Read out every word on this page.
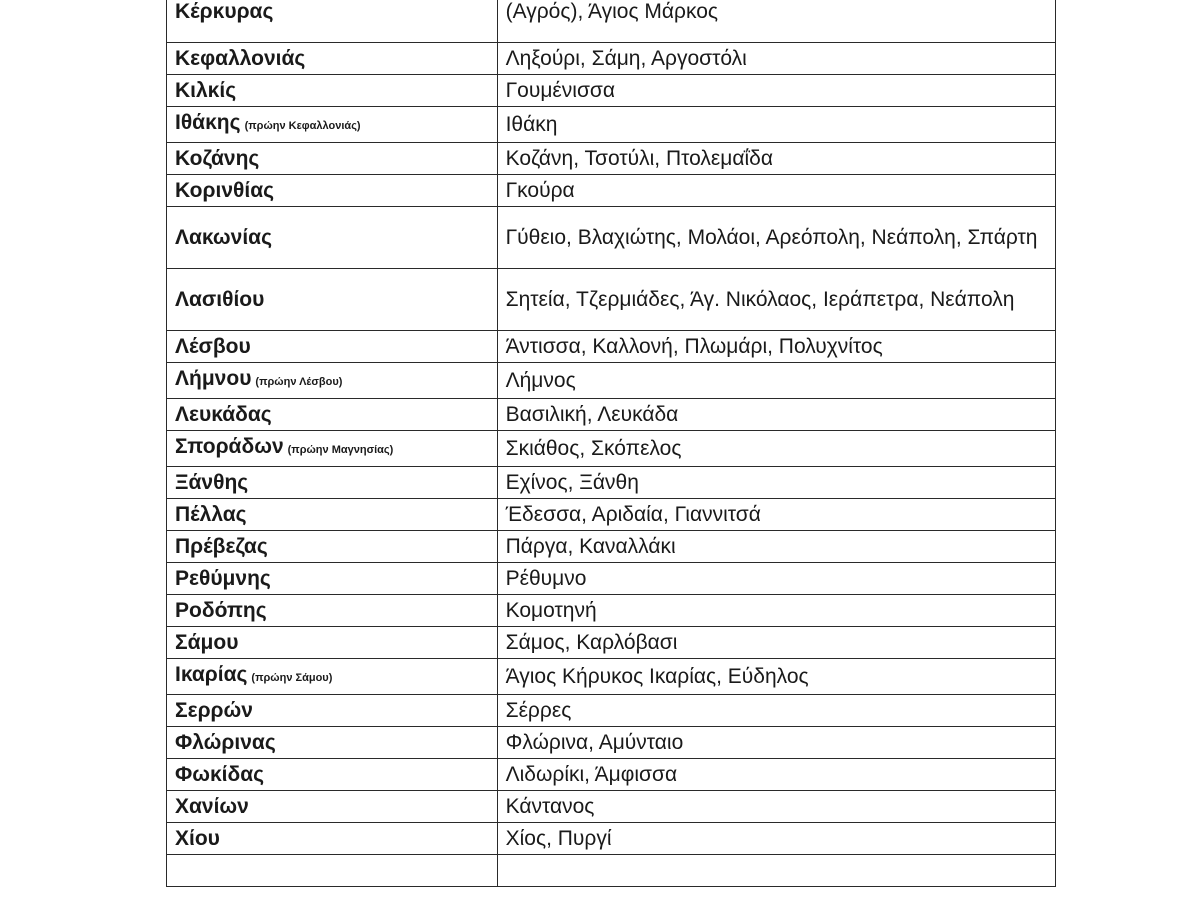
Κέρκυρας	(Αγρός), Άγιος Μάρκος
Κεφαλλονιάς	Ληξούρι, Σάμη, Αργοστόλι
Κιλκίς	Γουμένισσα
Ιθάκης (πρώην Κεφαλλονιάς)	Ιθάκη
Κοζάνης	Κοζάνη, Τσοτύλι, Πτολεμαΐδα
Κορινθίας	Γκούρα
Λακωνίας	Γύθειο, Βλαχιώτης, Μολάοι, Αρεόπολη, Νεάπολη, Σπάρτη
Λασιθίου	Σητεία, Τζερμιάδες, Άγ. Νικόλαος, Ιεράπετρα, Νεάπολη
Λέσβου	Άντισσα, Καλλονή, Πλωμάρι, Πολυχνίτος
Λήμνου (πρώην Λέσβου)	Λήμνος
Λευκάδας	Βασιλική, Λευκάδα
Σποράδων (πρώην Μαγνησίας)	Σκιάθος, Σκόπελος
Ξάνθης	Εχίνος, Ξάνθη
Πέλλας	Έδεσσα, Αριδαία, Γιαννιτσά
Πρέβεζας	Πάργα, Καναλλάκι
Ρεθύμνης	Ρέθυμνο
Ροδόπης	Κομοτηνή
Σάμου	Σάμος, Καρλόβασι
Ικαρίας (πρώην Σάμου)	Άγιος Κήρυκος Ικαρίας, Εύδηλος
Σερρών	Σέρρες
Φλώρινας	Φλώρινα, Αμύνταιο
Φωκίδας	Λιδωρίκι, Άμφισσα
Χανίων	Κάντανος
Χίου	Χίος, Πυργί
